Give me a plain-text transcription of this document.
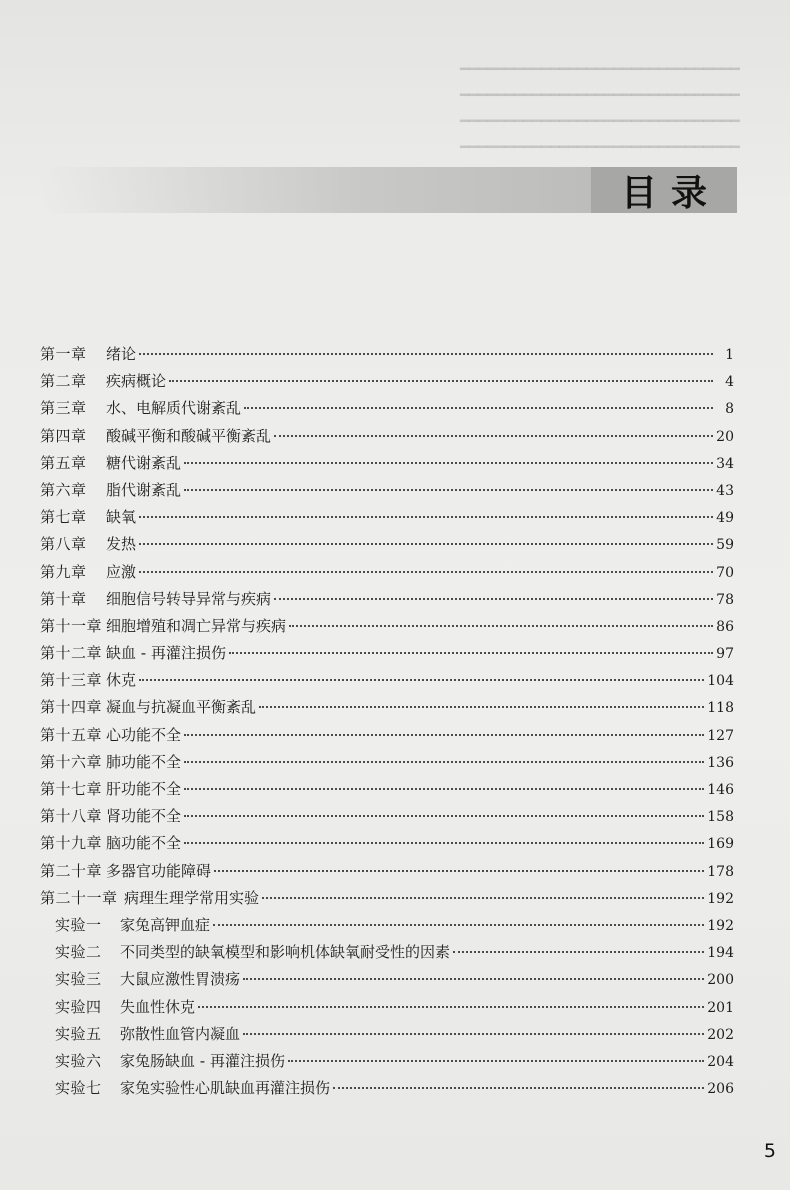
━━━━━━━━━━━━━━━━━━━━━━━━━━━━━━━
━━━━━━━━━━━━━━━━━━━━━━━━━━━━━━━
━━━━━━━━━━━━━━━━━━━━━━━━━━━━━━━
━━━━━━━━━━━━━━━━━━━━━━━━━━━━━━━
目录
第一章	绪论	1
第二章	疾病概论	4
第三章	水、电解质代谢紊乱	8
第四章	酸碱平衡和酸碱平衡紊乱	20
第五章	糖代谢紊乱	34
第六章	脂代谢紊乱	43
第七章	缺氧	49
第八章	发热	59
第九章	应激	70
第十章	细胞信号转导异常与疾病	78
第十一章 细胞增殖和凋亡异常与疾病	86
第十二章 缺血 - 再灌注损伤	97
第十三章 休克	104
第十四章 凝血与抗凝血平衡紊乱	118
第十五章 心功能不全	127
第十六章 肺功能不全	136
第十七章 肝功能不全	146
第十八章 肾功能不全	158
第十九章 脑功能不全	169
第二十章 多器官功能障碍	178
第二十一章 病理生理学常用实验	192
实验一	家兔高钾血症	192
实验二	不同类型的缺氧模型和影响机体缺氧耐受性的因素	194
实验三	大鼠应激性胃溃疡	200
实验四	失血性休克	201
实验五	弥散性血管内凝血	202
实验六	家兔肠缺血 - 再灌注损伤	204
实验七	家兔实验性心肌缺血再灌注损伤	206
5
